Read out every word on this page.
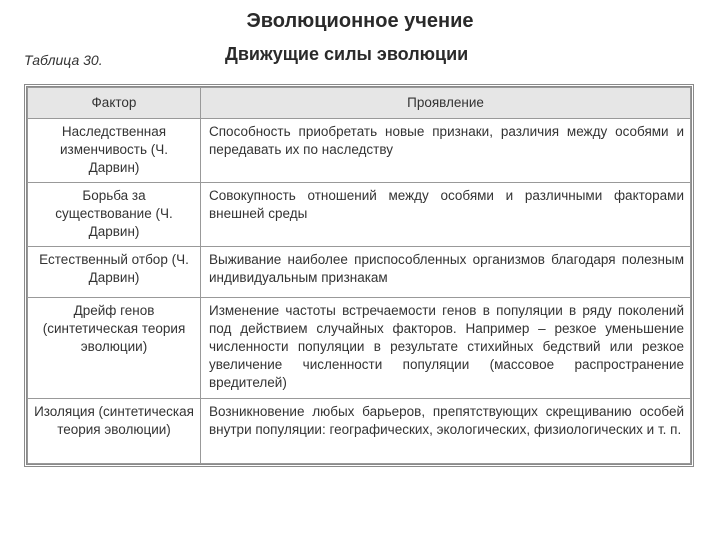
Эволюционное учение
Таблица 30.	Движущие силы эволюции
Фактор	Проявление
Наследственная изменчивость (Ч. Дарвин)	Способность приобретать новые признаки, различия между особями и передавать их по наследству
Борьба за существование (Ч. Дарвин)	Совокупность отношений между особями и различными факторами внешней среды
Естественный отбор (Ч. Дарвин)	Выживание наиболее приспособленных организмов благодаря полезным индивидуальным признакам
Дрейф генов (синтетическая теория эволюции)	Изменение частоты встречаемости генов в популяции в ряду поколений под действием случайных факторов. Например – резкое уменьшение численности популяции в результате стихийных бедствий или резкое увеличение численности популяции (массовое распространение вредителей)
Изоляция (синтетическая теория эволюции)	Возникновение любых барьеров, препятствующих скрещиванию особей внутри популяции: географических, экологических, физиологических и т. п.
